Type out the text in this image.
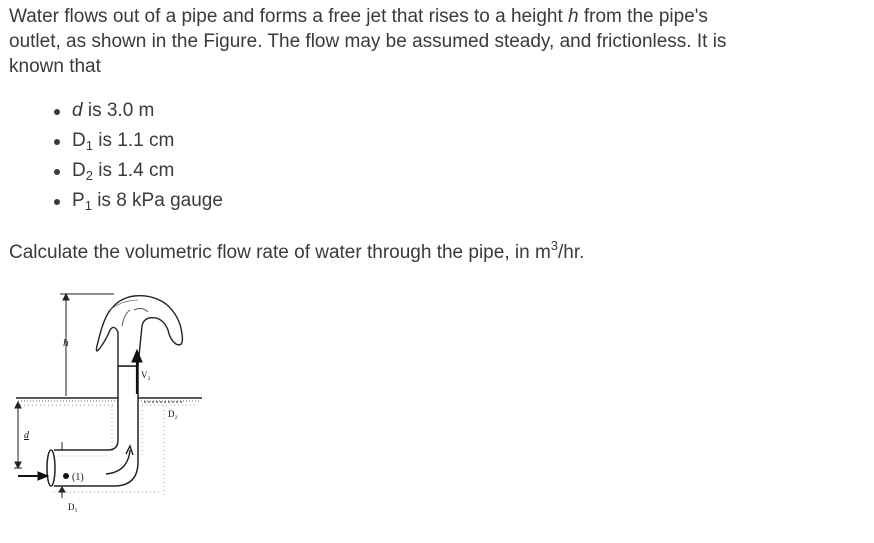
Water flows out of a pipe and forms a free jet that rises to a height h from the pipe's outlet, as shown in the Figure. The flow may be assumed steady, and frictionless. It is known that

d is 3.0 m
$D_1$ is 1.1 cm
$D_2$ is 1.4 cm
$P_1$ is 8 kPa gauge

Calculate the volumetric flow rate of water through the pipe, in $m^3/hr$.

h
d
V₂
D₂
(1)
D₁
